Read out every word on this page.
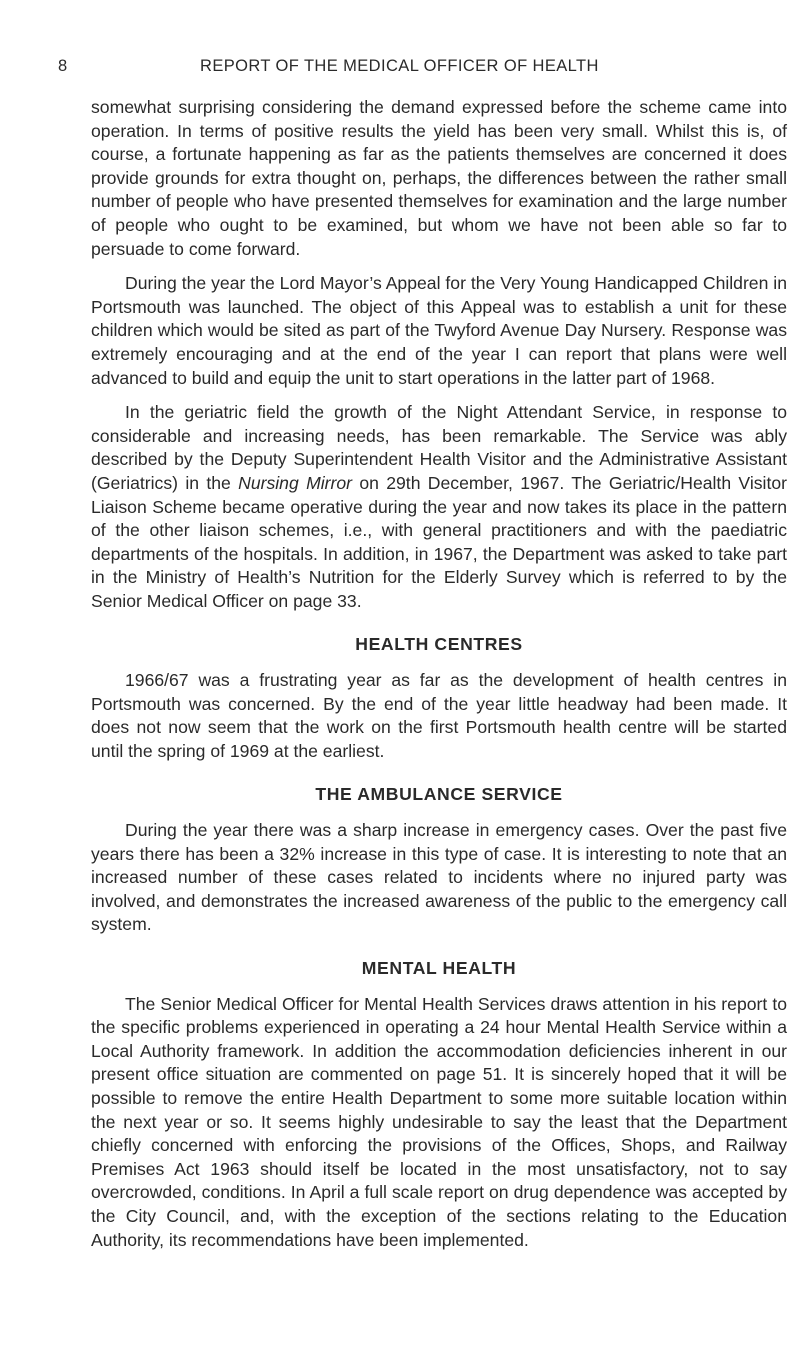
8	REPORT OF THE MEDICAL OFFICER OF HEALTH

somewhat surprising considering the demand expressed before the scheme came into operation. In terms of positive results the yield has been very small. Whilst this is, of course, a fortunate happening as far as the patients themselves are concerned it does provide grounds for extra thought on, perhaps, the differences between the rather small number of people who have presented themselves for examination and the large number of people who ought to be examined, but whom we have not been able so far to persuade to come forward.

During the year the Lord Mayor’s Appeal for the Very Young Handicapped Children in Portsmouth was launched. The object of this Appeal was to establish a unit for these children which would be sited as part of the Twyford Avenue Day Nursery. Response was extremely encouraging and at the end of the year I can report that plans were well advanced to build and equip the unit to start operations in the latter part of 1968.

In the geriatric field the growth of the Night Attendant Service, in response to considerable and increasing needs, has been remarkable. The Service was ably described by the Deputy Superintendent Health Visitor and the Administrative Assistant (Geriatrics) in the Nursing Mirror on 29th December, 1967. The Geriatric/Health Visitor Liaison Scheme became operative during the year and now takes its place in the pattern of the other liaison schemes, i.e., with general practitioners and with the paediatric departments of the hospitals. In addition, in 1967, the Department was asked to take part in the Ministry of Health’s Nutrition for the Elderly Survey which is referred to by the Senior Medical Officer on page 33.

HEALTH CENTRES

1966/67 was a frustrating year as far as the development of health centres in Portsmouth was concerned. By the end of the year little headway had been made. It does not now seem that the work on the first Portsmouth health centre will be started until the spring of 1969 at the earliest.

THE AMBULANCE SERVICE

During the year there was a sharp increase in emergency cases. Over the past five years there has been a 32% increase in this type of case. It is interesting to note that an increased number of these cases related to incidents where no injured party was involved, and demonstrates the increased awareness of the public to the emergency call system.

MENTAL HEALTH

The Senior Medical Officer for Mental Health Services draws attention in his report to the specific problems experienced in operating a 24 hour Mental Health Service within a Local Authority framework. In addition the accommodation deficiencies inherent in our present office situation are commented on page 51. It is sincerely hoped that it will be possible to remove the entire Health Department to some more suitable location within the next year or so. It seems highly undesirable to say the least that the Department chiefly concerned with enforcing the provisions of the Offices, Shops, and Railway Premises Act 1963 should itself be located in the most unsatisfactory, not to say overcrowded, conditions. In April a full scale report on drug dependence was accepted by the City Council, and, with the exception of the sections relating to the Education Authority, its recommendations have been implemented.
